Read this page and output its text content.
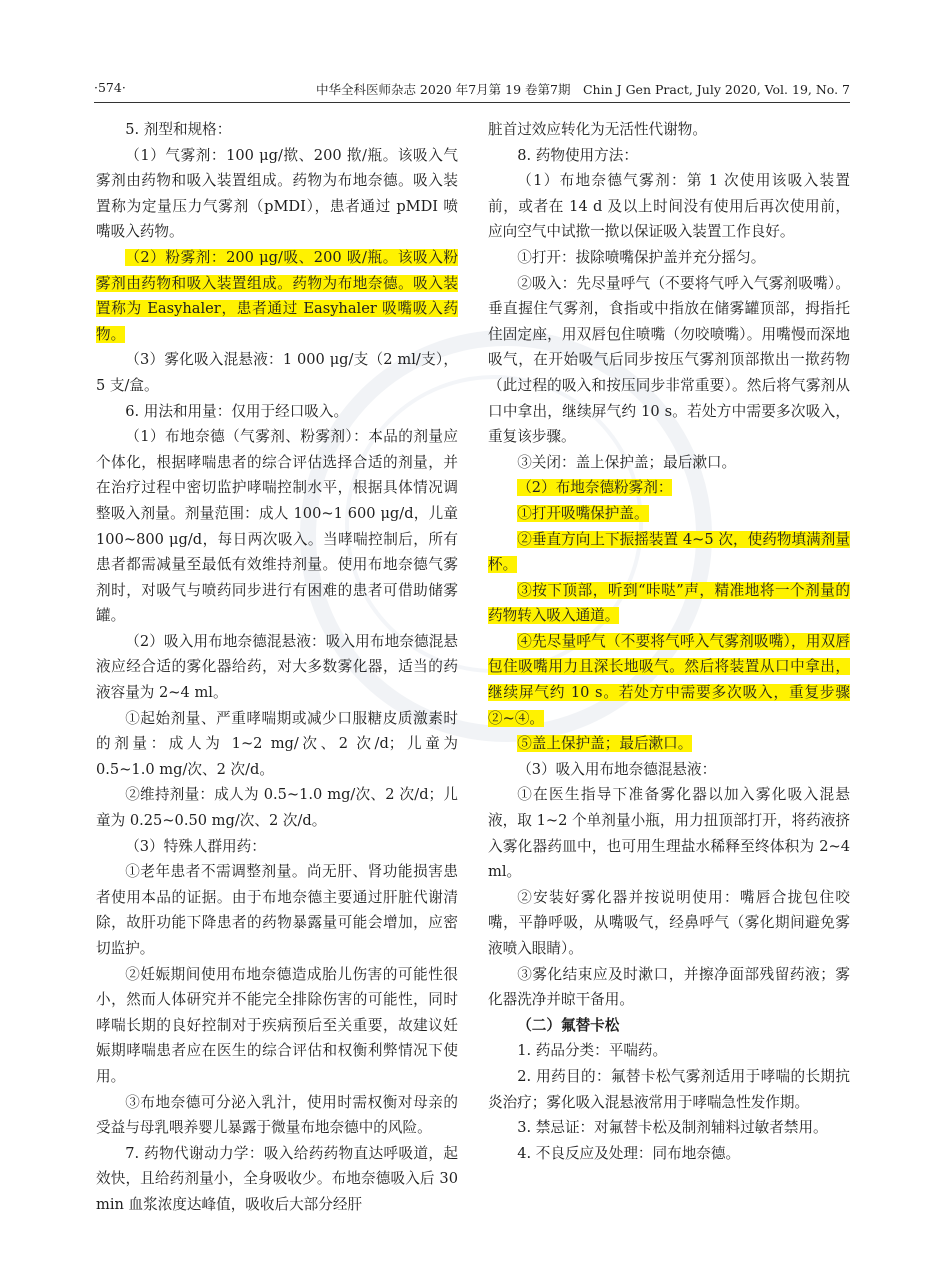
·574·	中华全科医师杂志 2020 年7月第 19 卷第7期　Chin J Gen Pract, July 2020, Vol. 19, No. 7

5. 剂型和规格：

（1）气雾剂：100 μg/揿、200 揿/瓶。该吸入气雾剂由药物和吸入装置组成。药物为布地奈德。吸入装置称为定量压力气雾剂（pMDI），患者通过 pMDI 喷嘴吸入药物。

（2）粉雾剂：200 μg/吸、200 吸/瓶。该吸入粉雾剂由药物和吸入装置组成。药物为布地奈德。吸入装置称为 Easyhaler，患者通过 Easyhaler 吸嘴吸入药物。

（3）雾化吸入混悬液：1 000 μg/支（2 ml/支），5 支/盒。

6. 用法和用量：仅用于经口吸入。

（1）布地奈德（气雾剂、粉雾剂）：本品的剂量应个体化，根据哮喘患者的综合评估选择合适的剂量，并在治疗过程中密切监护哮喘控制水平，根据具体情况调整吸入剂量。剂量范围：成人 100~1 600 μg/d，儿童 100~800 μg/d，每日两次吸入。当哮喘控制后，所有患者都需减量至最低有效维持剂量。使用布地奈德气雾剂时，对吸气与喷药同步进行有困难的患者可借助储雾罐。

（2）吸入用布地奈德混悬液：吸入用布地奈德混悬液应经合适的雾化器给药，对大多数雾化器，适当的药液容量为 2~4 ml。

①起始剂量、严重哮喘期或减少口服糖皮质激素时的剂量：成人为 1~2 mg/次、2 次/d；儿童为 0.5~1.0 mg/次、2 次/d。

②维持剂量：成人为 0.5~1.0 mg/次、2 次/d；儿童为 0.25~0.50 mg/次、2 次/d。

（3）特殊人群用药：

①老年患者不需调整剂量。尚无肝、肾功能损害患者使用本品的证据。由于布地奈德主要通过肝脏代谢清除，故肝功能下降患者的药物暴露量可能会增加，应密切监护。

②妊娠期间使用布地奈德造成胎儿伤害的可能性很小，然而人体研究并不能完全排除伤害的可能性，同时哮喘长期的良好控制对于疾病预后至关重要，故建议妊娠期哮喘患者应在医生的综合评估和权衡利弊情况下使用。

③布地奈德可分泌入乳汁，使用时需权衡对母亲的受益与母乳喂养婴儿暴露于微量布地奈德中的风险。

7. 药物代谢动力学：吸入给药药物直达呼吸道，起效快，且给药剂量小，全身吸收少。布地奈德吸入后 30 min 血浆浓度达峰值，吸收后大部分经肝

脏首过效应转化为无活性代谢物。

8. 药物使用方法：

（1）布地奈德气雾剂：第 1 次使用该吸入装置前，或者在 14 d 及以上时间没有使用后再次使用前，应向空气中试揿一揿以保证吸入装置工作良好。

①打开：拔除喷嘴保护盖并充分摇匀。

②吸入：先尽量呼气（不要将气呼入气雾剂吸嘴）。垂直握住气雾剂，食指或中指放在储雾罐顶部，拇指托住固定座，用双唇包住喷嘴（勿咬喷嘴）。用嘴慢而深地吸气，在开始吸气后同步按压气雾剂顶部揿出一揿药物（此过程的吸入和按压同步非常重要）。然后将气雾剂从口中拿出，继续屏气约 10 s。若处方中需要多次吸入，重复该步骤。

③关闭：盖上保护盖；最后漱口。

（2）布地奈德粉雾剂：

①打开吸嘴保护盖。

②垂直方向上下振摇装置 4~5 次，使药物填满剂量杯。

③按下顶部，听到“咔哒”声，精准地将一个剂量的药物转入吸入通道。

④先尽量呼气（不要将气呼入气雾剂吸嘴），用双唇包住吸嘴用力且深长地吸气。然后将装置从口中拿出，继续屏气约 10 s。若处方中需要多次吸入，重复步骤②~④。

⑤盖上保护盖；最后漱口。

（3）吸入用布地奈德混悬液：

①在医生指导下准备雾化器以加入雾化吸入混悬液，取 1~2 个单剂量小瓶，用力扭顶部打开，将药液挤入雾化器药皿中，也可用生理盐水稀释至终体积为 2~4 ml。

②安装好雾化器并按说明使用：嘴唇合拢包住咬嘴，平静呼吸，从嘴吸气，经鼻呼气（雾化期间避免雾液喷入眼睛）。

③雾化结束应及时漱口，并擦净面部残留药液；雾化器洗净并晾干备用。

（二）氟替卡松

1. 药品分类：平喘药。

2. 用药目的：氟替卡松气雾剂适用于哮喘的长期抗炎治疗；雾化吸入混悬液常用于哮喘急性发作期。

3. 禁忌证：对氟替卡松及制剂辅料过敏者禁用。

4. 不良反应及处理：同布地奈德。
